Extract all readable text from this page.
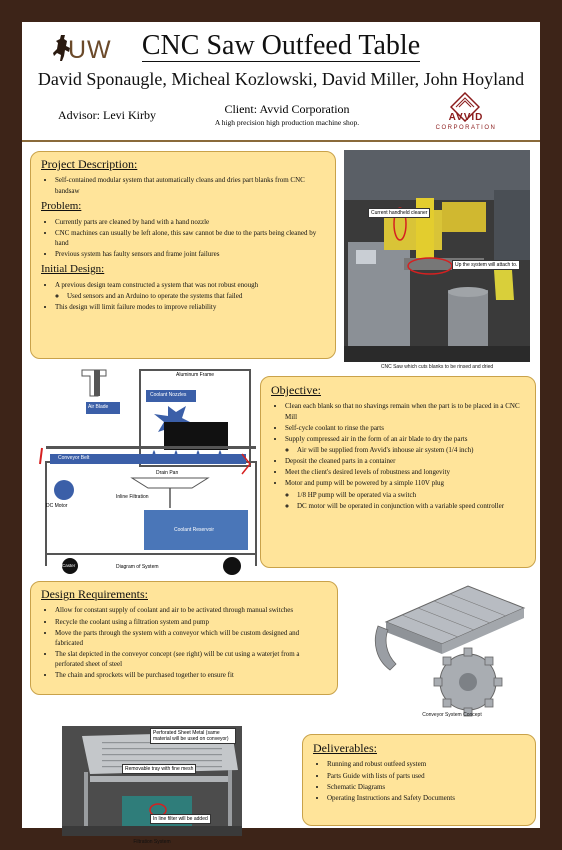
UW	CNC Saw Outfeed Table
David Sponaugle, Micheal Kozlowski, David Miller, John Hoyland
Advisor: Levi Kirby	Client: Avvid Corporation
A high precision high production machine shop.	AVVID
CORPORATION
Project Description:
• Self-contained modular system that automatically cleans and dries part blanks from CNC bandsaw
Problem:
• Currently parts are cleaned by hand with a hand nozzle
• CNC machines can usually be left alone, this saw cannot be due to the parts being cleaned by hand
• Previous system has faulty sensors and frame joint failures
Initial Design:
• A previous design team constructed a system that was not robust enough
◦ Used sensors and an Arduino to operate the systems that failed
• This design will limit failure modes to improve reliability
Current handheld cleaner
Up the system will attach to.
CNC Saw which cuts blanks to be rinsed and dried
Air Blade
Aluminum Frame
Coolant Nozzles
Conveyor Belt
Drain Pan
Inline Filtration
DC Motor
Coolant Reservoir
Caster	Diagram of System
Objective:
• Clean each blank so that no shavings remain when the part is to be placed in a CNC Mill
• Self-cycle coolant to rinse the parts
• Supply compressed air in the form of an air blade to dry the parts
◦ Air will be supplied from Avvid's inhouse air system (1/4 inch)
• Deposit the cleaned parts in a container
• Meet the client's desired levels of robustness and longevity
• Motor and pump will be powered by a simple 110V plug
◦ 1/8 HP pump will be operated via a switch
◦ DC motor will be operated in conjunction with a variable speed controller
Design Requirements:
• Allow for constant supply of coolant and air to be activated through manual switches
• Recycle the coolant using a filtration system and pump
• Move the parts through the system with a conveyor which will be custom designed and fabricated
• The slat depicted in the conveyor concept (see right) will be cut using a waterjet from a perforated sheet of steel
• The chain and sprockets will be purchased together to ensure fit
Conveyor System Concept
Perforated Sheet Metal (same material will be used on conveyor)
Removable tray with fine mesh
In line filter will be added
Filtration System
Deliverables:
• Running and robust outfeed system
• Parts Guide with lists of parts used
• Schematic Diagrams
• Operating Instructions and Safety Documents
